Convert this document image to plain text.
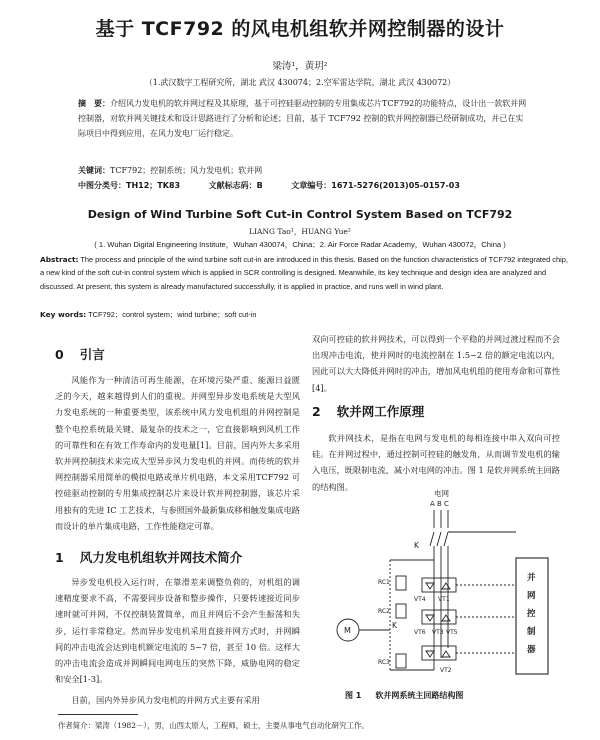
基于 TCF792 的风电机组软并网控制器的设计
梁涛¹，黄玥²
（1.武汉数字工程研究所，湖北 武汉 430074；2.空军雷达学院，湖北 武汉 430072）
摘　要：介绍风力发电机的软并网过程及其原理，基于可控硅驱动控制的专用集成芯片TCF792的功能特点，设计出一款软并网控制器，对软并网关键技术和设计思路进行了分析和论述；目前，基于 TCF792 控制的软并网控制器已经研制成功，并已在实际项目中得到应用，在风力发电厂运行稳定。
关键词：TCF792；控制系统；风力发电机；软并网
中图分类号：TH12；TK83	文献标志码：B	文章编号：1671-5276(2013)05-0157-03
Design of Wind Turbine Soft Cut-in Control System Based on TCF792
LIANG Tao¹，HUANG Yue²
( 1. Wuhan Digital Engineering Institute，Wuhan 430074，China；2. Air Force Radar Academy，Wuhan 430072，China )
Abstract: The process and principle of the wind turbine soft cut-in are introduced in this thesis. Based on the function characteristics of TCF792 integrated chip, a new kind of the soft cut-in control system which is applied in SCR controlling is designed. Meanwhile, its key technique and design idea are analyzed and discussed. At present, this system is already manufactured successfully, it is applied in practice, and runs well in wind plant.
Key words: TCF792；control system；wind turbine；soft cut-in
0 引言
风能作为一种清洁可再生能源，在环境污染严重、能源日益匮乏的今天，越来越得到人们的重视。并网型异步发电系统是大型风力发电系统的一种重要类型，该系统中风力发电机组的并网控制是整个电控系统最关键、最复杂的技术之一，它直接影响到风机工作的可靠性和在有效工作寿命内的发电量[1]。目前，国内外大多采用软并网控制技术来完成大型异步风力发电机的并网。而传统的软并网控制器采用简单的模拟电路或单片机电路，本文采用TCF792 可控硅驱动控制的专用集成控制芯片来设计软并网控制器，该芯片采用独有的先进 IC 工艺技术，与参照国外最新集成移相触发集成电路而设计的单片集成电路，工作性能稳定可靠。
1 风力发电机组软并网技术简介
异步发电机投入运行时，在靠滑差来调整负荷的，对机组的调速精度要求不高，不需要同步设备和整步操作，只要转速接近同步速时就可并网，不仅控制装置简单，而且并网后不会产生振荡和失步，运行非常稳定。然而异步发电机采用直接并网方式时，并网瞬间的冲击电流会达到电机额定电流的 5~7 倍，甚至 10 倍。这样大的冲击电流会造成并网瞬间电网电压的突然下降，威胁电网的稳定和安全[1-3]。
目前，国内外异步风力发电机的并网方式主要有采用
双向可控硅的软并网技术，可以得到一个平稳的并网过渡过程而不会出现冲击电流，使并网时的电流控制在 1.5~2 倍的额定电流以内，因此可以大大降低并网时的冲击，增加风电机组的使用寿命和可靠性[4]。
2 软并网工作原理
软并网技术，是指在电网与发电机的每相连接中串入双向可控硅。在并网过程中，通过控制可控硅的触发角，从而调节发电机的输入电压，既限制电流，减小对电网的冲击。图 1 是软并网系统主回路的结构图。
电网
A B C
K
K
M
RC1
RC2
RC3
VT4 VT1
VT6 VT3 VT5
VT2
并网控制器
图 1 软并网系统主回路结构图
作者简介：梁涛（1982－），男，山西太原人，工程师，硕士，主要从事电气自动化研究工作。
